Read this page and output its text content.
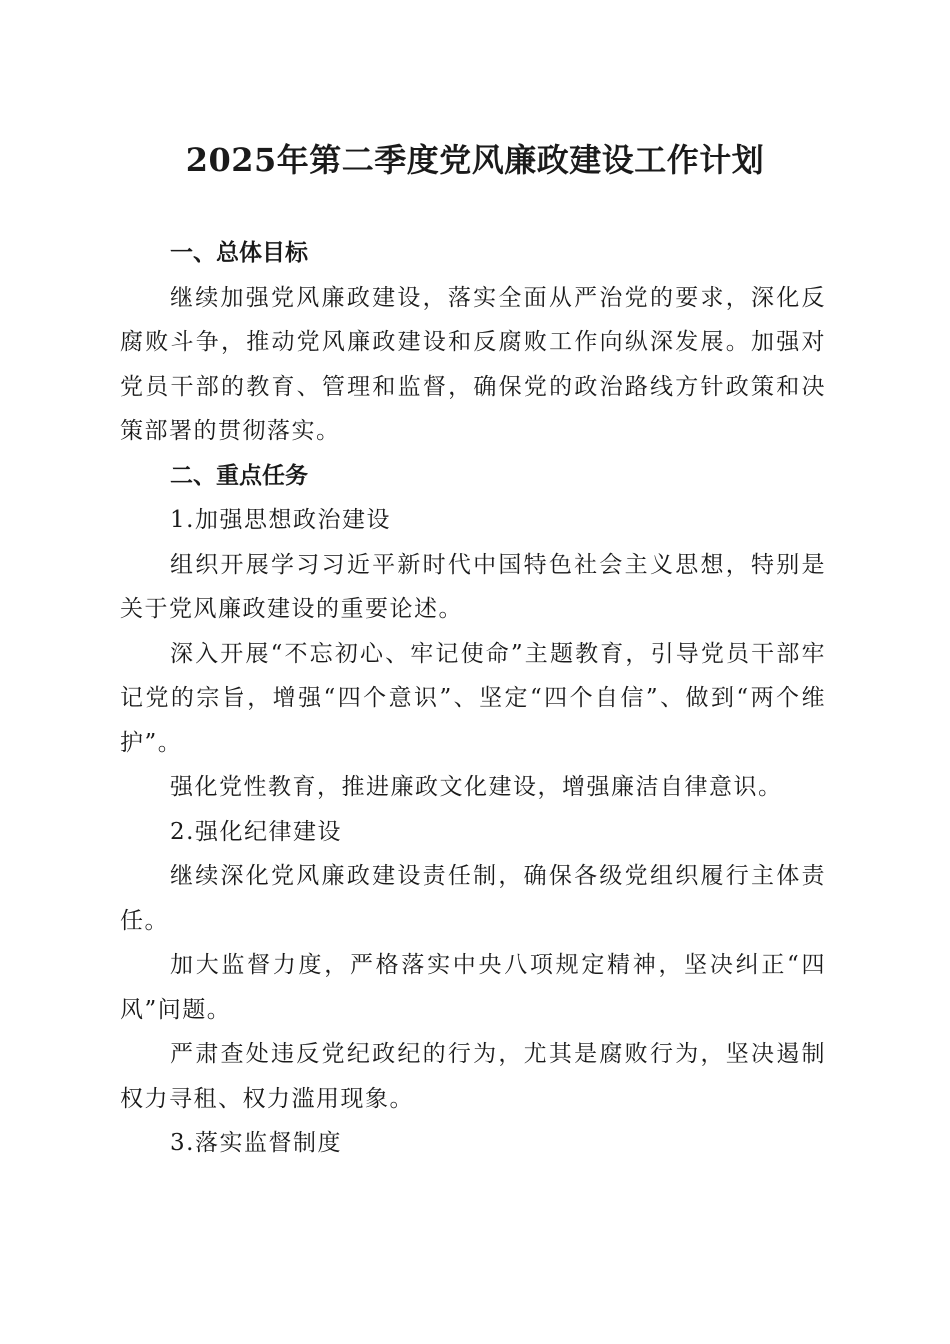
2025年第二季度党风廉政建设工作计划
一、总体目标

继续加强党风廉政建设，落实全面从严治党的要求，深化反腐败斗争，推动党风廉政建设和反腐败工作向纵深发展。加强对党员干部的教育、管理和监督，确保党的政治路线方针政策和决策部署的贯彻落实。

二、重点任务
1.加强思想政治建设

组织开展学习习近平新时代中国特色社会主义思想，特别是关于党风廉政建设的重要论述。

深入开展“不忘初心、牢记使命”主题教育，引导党员干部牢记党的宗旨，增强“四个意识”、坚定“四个自信”、做到“两个维护”。

强化党性教育，推进廉政文化建设，增强廉洁自律意识。

2.强化纪律建设

继续深化党风廉政建设责任制，确保各级党组织履行主体责任。

加大监督力度，严格落实中央八项规定精神，坚决纠正“四风”问题。

严肃查处违反党纪政纪的行为，尤其是腐败行为，坚决遏制权力寻租、权力滥用现象。

3.落实监督制度
